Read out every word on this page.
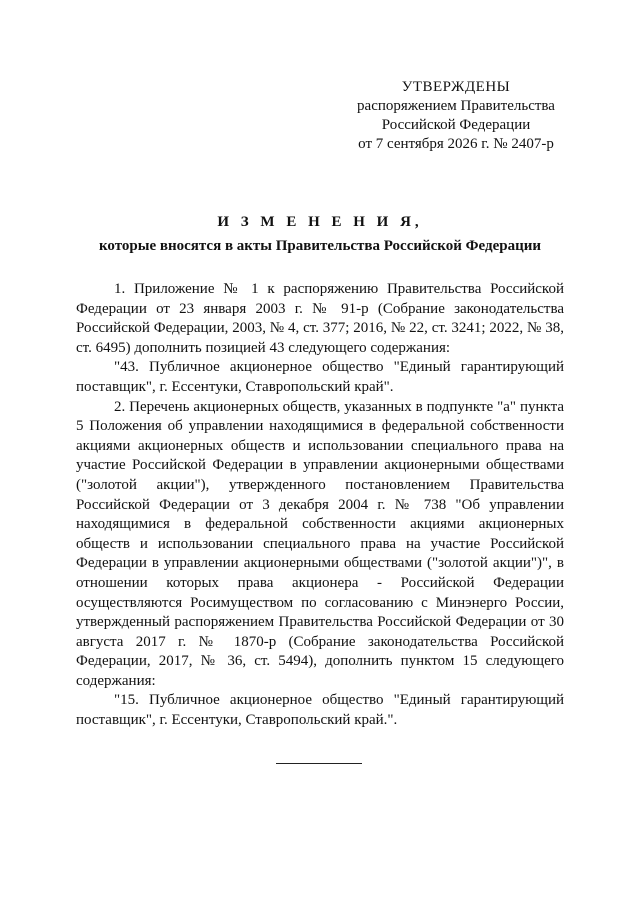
УТВЕРЖДЕНЫ
распоряжением Правительства
Российской Федерации
от 7 сентября 2026 г. № 2407-р
И З М Е Н Е Н И Я,
которые вносятся в акты Правительства Российской Федерации

1. Приложение № 1 к распоряжению Правительства Российской Федерации от 23 января 2003 г. № 91-р (Собрание законодательства Российской Федерации, 2003, № 4, ст. 377; 2016, № 22, ст. 3241; 2022, № 38, ст. 6495) дополнить позицией 43 следующего содержания:

"43. Публичное акционерное общество "Единый гарантирующий поставщик", г. Ессентуки, Ставропольский край".

2. Перечень акционерных обществ, указанных в подпункте "а" пункта 5 Положения об управлении находящимися в федеральной собственности акциями акционерных обществ и использовании специального права на участие Российской Федерации в управлении акционерными обществами ("золотой акции"), утвержденного постановлением Правительства Российской Федерации от 3 декабря 2004 г. № 738 "Об управлении находящимися в федеральной собственности акциями акционерных обществ и использовании специального права на участие Российской Федерации в управлении акционерными обществами ("золотой акции")", в отношении которых права акционера - Российской Федерации осуществляются Росимуществом по согласованию с Минэнерго России, утвержденный распоряжением Правительства Российской Федерации от 30 августа 2017 г. № 1870-р (Собрание законодательства Российской Федерации, 2017, № 36, ст. 5494), дополнить пунктом 15 следующего содержания:

"15. Публичное акционерное общество "Единый гарантирующий поставщик", г. Ессентуки, Ставропольский край.".
